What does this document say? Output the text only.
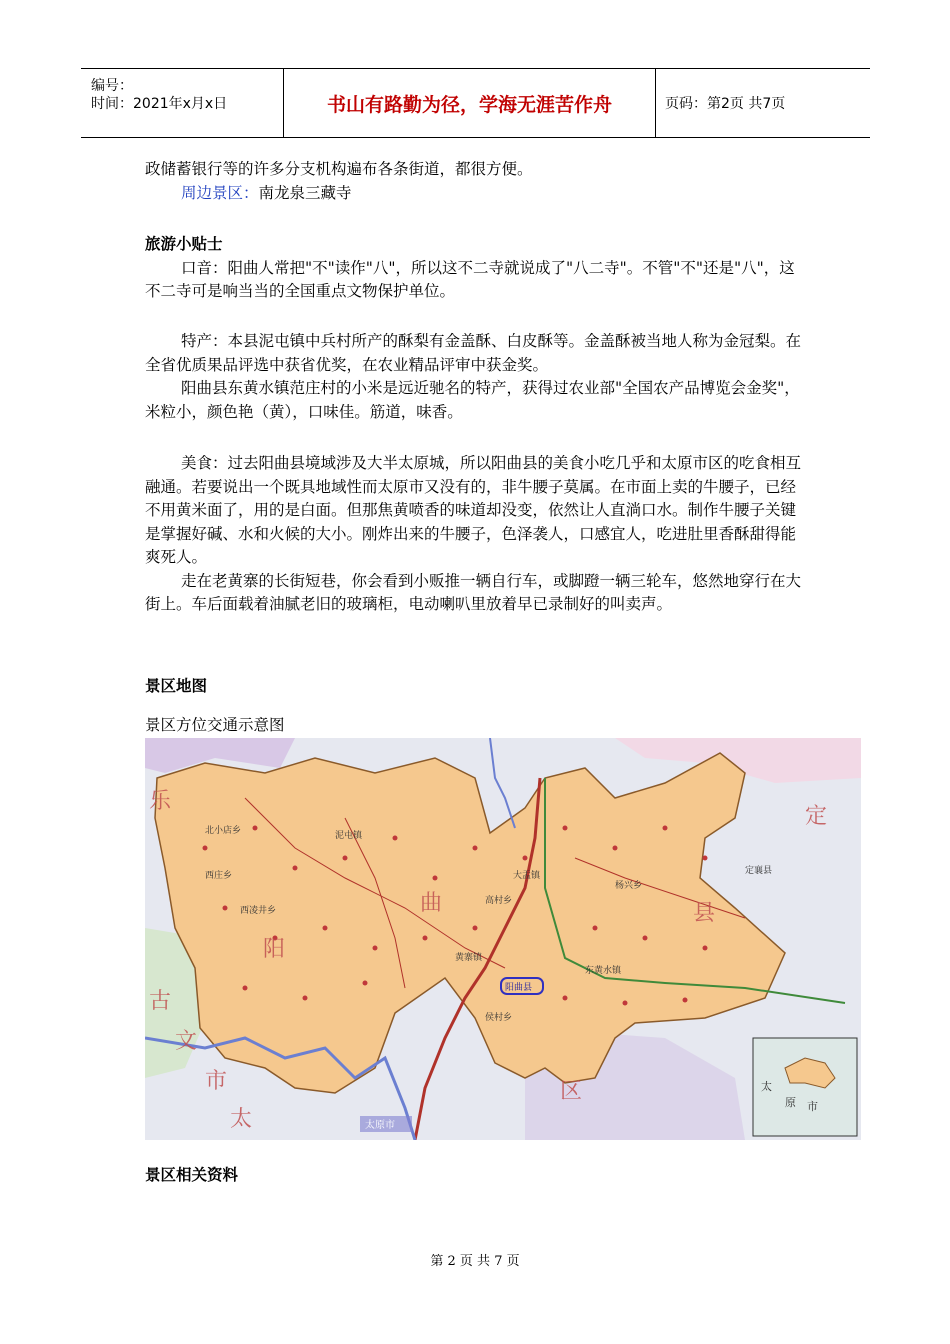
编号：
时间：2021年x月x日	书山有路勤为径，学海无涯苦作舟	页码：第2页 共7页

政储蓄银行等的许多分支机构遍布各条街道，都很方便。

周边景区：南龙泉三藏寺

旅游小贴士

口音：阳曲人常把"不"读作"八"，所以这不二寺就说成了"八二寺"。不管"不"还是"八"，这不二寺可是响当当的全国重点文物保护单位。

特产：本县泥屯镇中兵村所产的酥梨有金盖酥、白皮酥等。金盖酥被当地人称为金冠梨。在全省优质果品评选中获省优奖，在农业精品评审中获金奖。

阳曲县东黄水镇范庄村的小米是远近驰名的特产，获得过农业部"全国农产品博览会金奖"，米粒小，颜色艳（黄），口味佳。筋道，味香。

美食：过去阳曲县境域涉及大半太原城，所以阳曲县的美食小吃几乎和太原市区的吃食相互融通。若要说出一个既具地域性而太原市又没有的，非牛腰子莫属。在市面上卖的牛腰子，已经不用黄米面了，用的是白面。但那焦黄喷香的味道却没变，依然让人直淌口水。制作牛腰子关键是掌握好碱、水和火候的大小。刚炸出来的牛腰子，色泽袭人，口感宜人，吃进肚里香酥甜得能爽死人。

走在老黄寨的长街短巷，你会看到小贩推一辆自行车，或脚蹬一辆三轮车，悠然地穿行在大街上。车后面载着油腻老旧的玻璃柜，电动喇叭里放着早已录制好的叫卖声。

景区地图

景区方位交通示意图

大盂镇
东黄水镇
西凌井乡
黄寨镇
泥屯镇
高村乡
侯村乡
西庄乡
北小店乡
杨兴乡
定襄县
阳
曲	县
定
乐
古
文
市
太
区
阳曲县
太原市
太
原 市

景区相关资料

第 2 页 共 7 页
